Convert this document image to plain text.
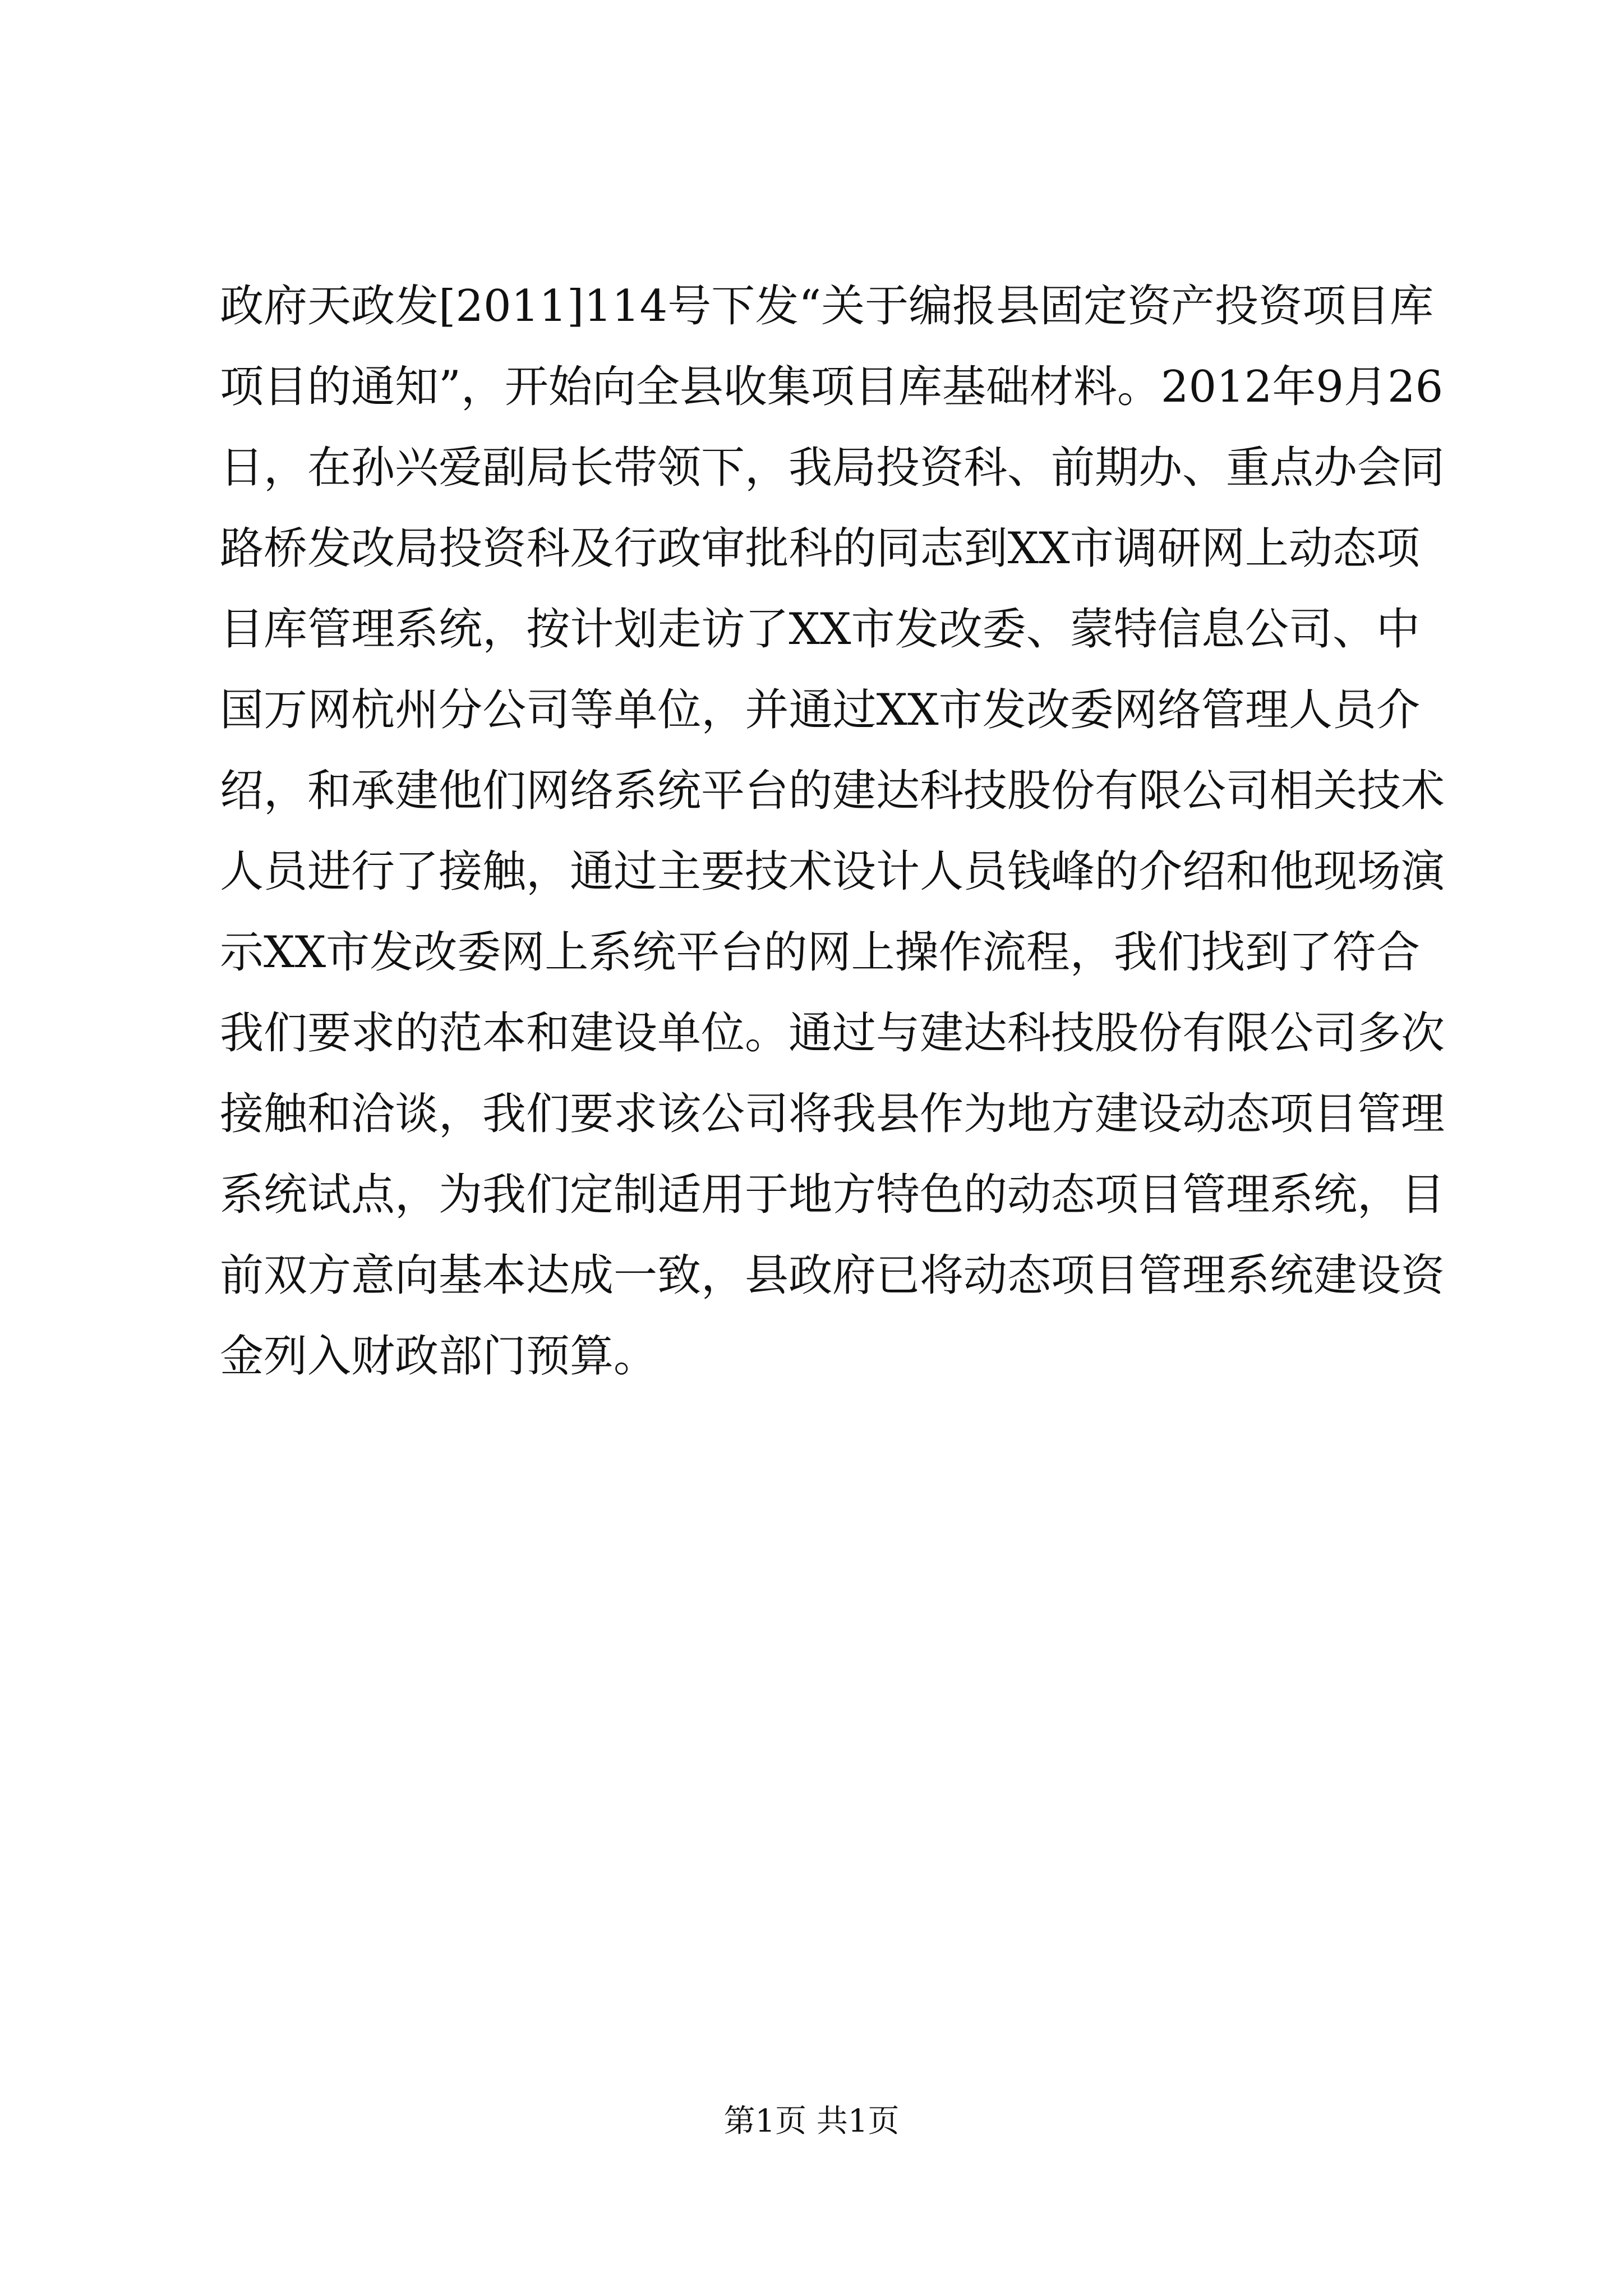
政府天政发[2011]114号下发“关于编报县固定资产投资项目库
项目的通知”，开始向全县收集项目库基础材料。2012年9月26
日，在孙兴爱副局长带领下，我局投资科、前期办、重点办会同
路桥发改局投资科及行政审批科的同志到XX市调研网上动态项
目库管理系统，按计划走访了XX市发改委、蒙特信息公司、中
国万网杭州分公司等单位，并通过XX市发改委网络管理人员介
绍，和承建他们网络系统平台的建达科技股份有限公司相关技术
人员进行了接触，通过主要技术设计人员钱峰的介绍和他现场演
示XX市发改委网上系统平台的网上操作流程，我们找到了符合
我们要求的范本和建设单位。通过与建达科技股份有限公司多次
接触和洽谈，我们要求该公司将我县作为地方建设动态项目管理
系统试点，为我们定制适用于地方特色的动态项目管理系统，目
前双方意向基本达成一致，县政府已将动态项目管理系统建设资
金列入财政部门预算。
第1页 共1页
